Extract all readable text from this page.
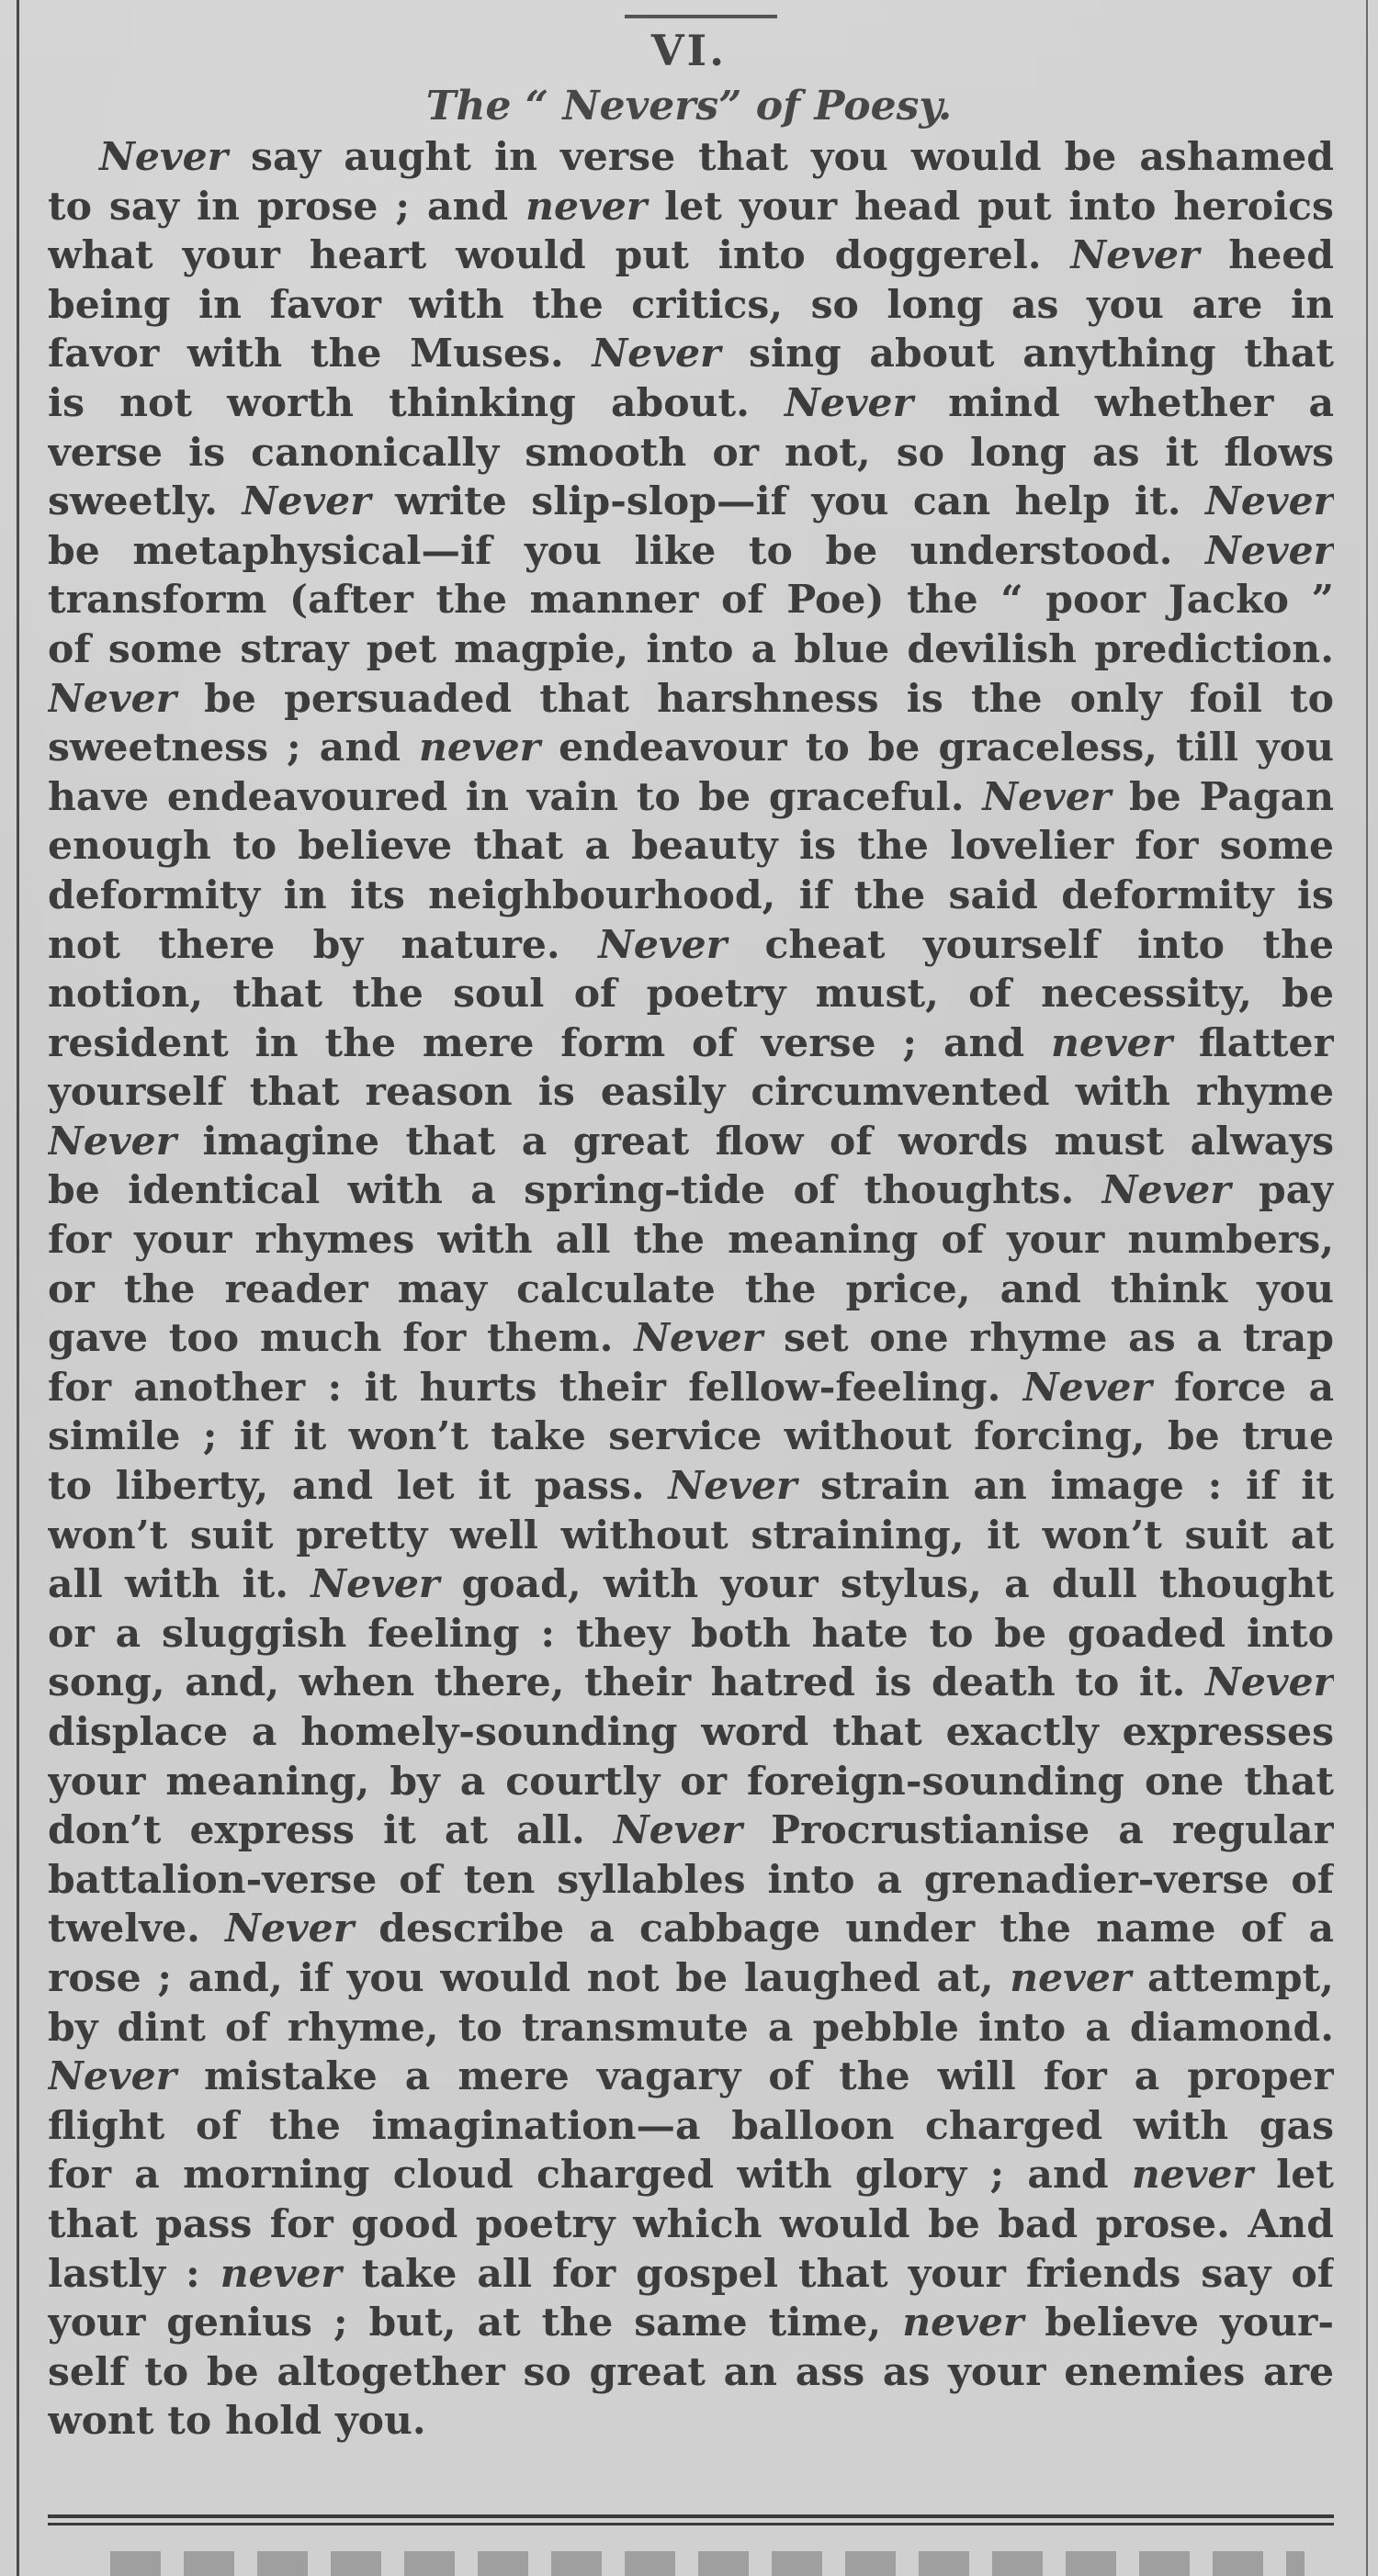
VI.
The “ Nevers” of Poesy.
Never say aught in verse that you would be ashamed
to say in prose ; and never let your head put into heroics
what your heart would put into doggerel. Never heed
being in favor with the critics, so long as you are in
favor with the Muses. Never sing about anything that
is not worth thinking about. Never mind whether a
verse is canonically smooth or not, so long as it flows
sweetly. Never write slip-slop—if you can help it. Never
be metaphysical—if you like to be understood. Never
transform (after the manner of Poe) the “ poor Jacko ”
of some stray pet magpie, into a blue devilish prediction.
Never be persuaded that harshness is the only foil to
sweetness ; and never endeavour to be graceless, till you
have endeavoured in vain to be graceful. Never be Pagan
enough to believe that a beauty is the lovelier for some
deformity in its neighbourhood, if the said deformity is
not there by nature. Never cheat yourself into the
notion, that the soul of poetry must, of necessity, be
resident in the mere form of verse ; and never flatter
yourself that reason is easily circumvented with rhyme
Never imagine that a great flow of words must always
be identical with a spring-tide of thoughts. Never pay
for your rhymes with all the meaning of your numbers,
or the reader may calculate the price, and think you
gave too much for them. Never set one rhyme as a trap
for another : it hurts their fellow-feeling. Never force a
simile ; if it won’t take service without forcing, be true
to liberty, and let it pass. Never strain an image : if it
won’t suit pretty well without straining, it won’t suit at
all with it. Never goad, with your stylus, a dull thought
or a sluggish feeling : they both hate to be goaded into
song, and, when there, their hatred is death to it. Never
displace a homely-sounding word that exactly expresses
your meaning, by a courtly or foreign-sounding one that
don’t express it at all. Never Procrustianise a regular
battalion-verse of ten syllables into a grenadier-verse of
twelve. Never describe a cabbage under the name of a
rose ; and, if you would not be laughed at, never attempt,
by dint of rhyme, to transmute a pebble into a diamond.
Never mistake a mere vagary of the will for a proper
flight of the imagination—a balloon charged with gas
for a morning cloud charged with glory ; and never let
that pass for good poetry which would be bad prose. And
lastly : never take all for gospel that your friends say of
your genius ; but, at the same time, never believe your-
self to be altogether so great an ass as your enemies are
wont to hold you.
